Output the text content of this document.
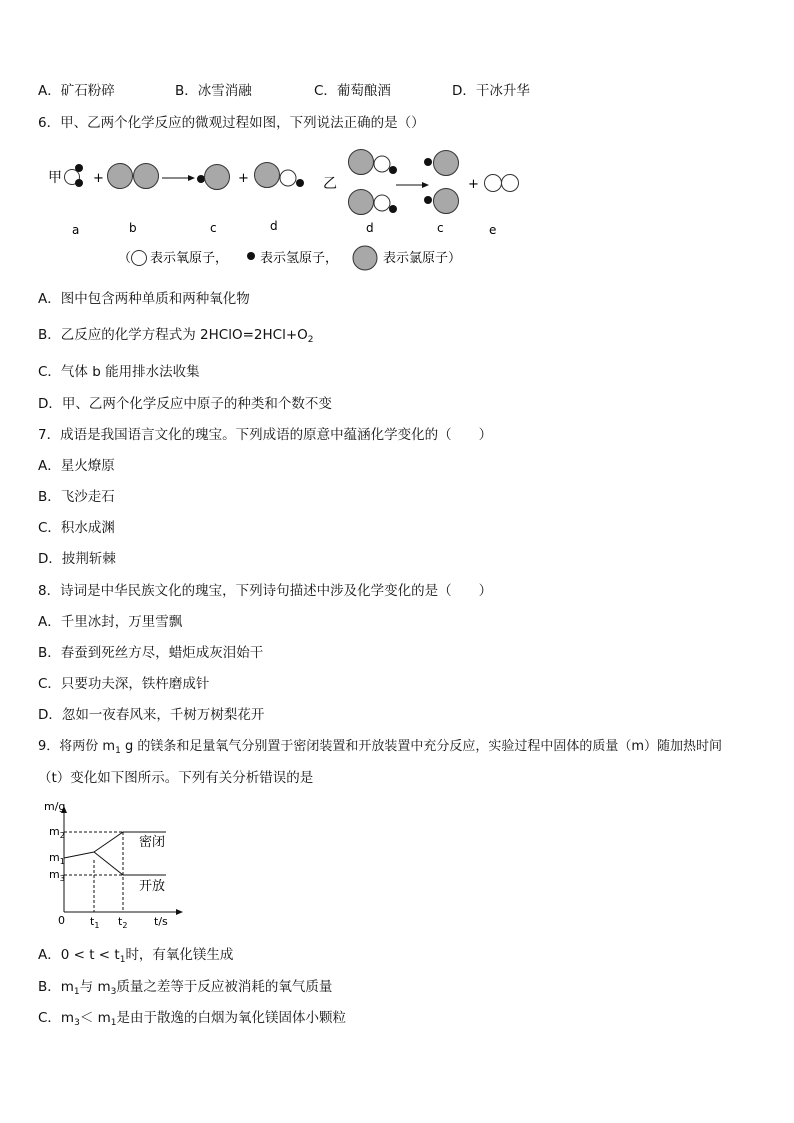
A．矿石粉碎	B．冰雪消融	C．葡萄酿酒	D．干冰升华
6．甲、乙两个化学反应的微观过程如图，下列说法正确的是（）
甲 +	+	乙	+
a	b	c	d	d	c	e
（ 表示氧原子， 表示氢原子，	表示氯原子）
A．图中包含两种单质和两种氧化物
B．乙反应的化学方程式为 $2HClO=2HCl+O_2$
C．气体 b 能用排水法收集
D．甲、乙两个化学反应中原子的种类和个数不变
7．成语是我国语言文化的瑰宝。下列成语的原意中蕴涵化学变化的（　　）
A．星火燎原
B．飞沙走石
C．积水成渊
D．披荆斩棘
8．诗词是中华民族文化的瑰宝，下列诗句描述中涉及化学变化的是（　　）
A．千里冰封，万里雪飘
B．春蚕到死丝方尽，蜡炬成灰泪始干
C．只要功夫深，铁杵磨成针
D．忽如一夜春风来，千树万树梨花开
9．将两份 $m_1$ g 的镁条和足量氧气分别置于密闭装置和开放装置中充分反应，实验过程中固体的质量（m）随加热时间
（t）变化如下图所示。下列有关分析错误的是
m/g
t/s
0
$m_2$
$m_1$
$m_3$
$t_1$ $t_2$
密闭
开放
A．$0 < t < t_1$时，有氧化镁生成
B．$m_1$与 $m_3$质量之差等于反应被消耗的氧气质量
C．$m_3< m_1$是由于散逸的白烟为氧化镁固体小颗粒
